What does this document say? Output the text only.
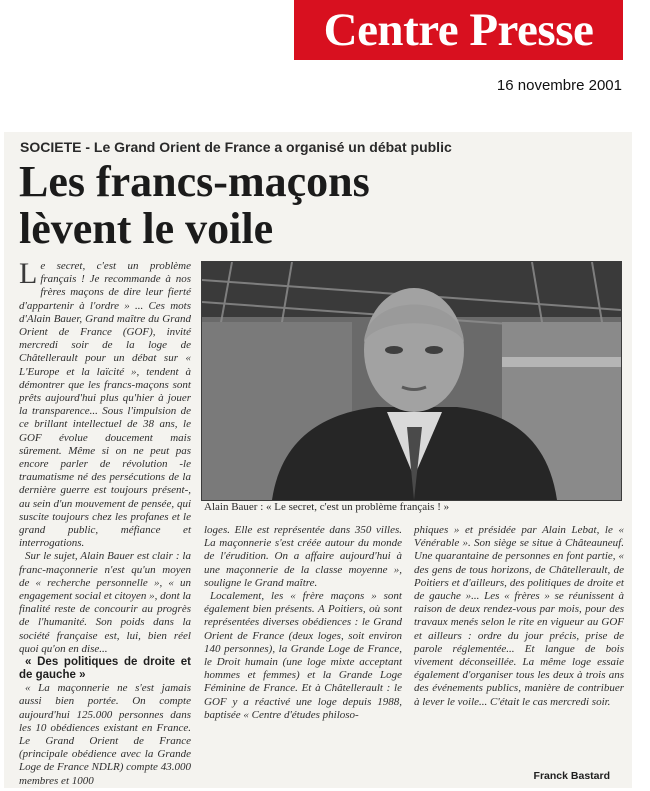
Centre Presse
16 novembre 2001
SOCIETE - Le Grand Orient de France a organisé un débat public
Les francs-maçons
lèvent le voile

Le secret, c'est un problème français ! Je recommande à nos frères maçons de dire leur fierté d'appartenir à l'ordre » ... Ces mots d'Alain Bauer, Grand maître du Grand Orient de France (GOF), invité mercredi soir de la loge de Châtellerault pour un débat sur « L'Europe et la laïcité », tendent à démontrer que les francs-maçons sont prêts aujourd'hui plus qu'hier à jouer la transparence... Sous l'impulsion de ce brillant intellectuel de 38 ans, le GOF évolue doucement mais sûrement. Même si on ne peut pas encore parler de révolution -le traumatisme né des persécutions de la dernière guerre est toujours présent-, au sein d'un mouvement de pensée, qui suscite toujours chez les profanes et le grand public, méfiance et interrogations.

Sur le sujet, Alain Bauer est clair : la franc-maçonnerie n'est qu'un moyen de « recherche personnelle », « un engagement social et citoyen », dont la finalité reste de concourir au progrès de l'humanité. Son poids dans la société française est, lui, bien réel quoi qu'on en dise...

« Des politiques de droite et de gauche »

« La maçonnerie ne s'est jamais aussi bien portée. On compte aujourd'hui 125.000 personnes dans les 10 obédiences existant en France. Le Grand Orient de France (principale obédience avec la Grande Loge de France NDLR) compte 43.000 membres et 1000

Alain Bauer : « Le secret, c'est un problème français ! »

loges. Elle est représentée dans 350 villes. La maçonnerie s'est créée autour du monde de l'érudition. On a affaire aujourd'hui à une maçonnerie de la classe moyenne », souligne le Grand maître.

Localement, les « frère maçons » sont également bien présents. A Poitiers, où sont représentées diverses obédiences : le Grand Orient de France (deux loges, soit environ 140 personnes), la Grande Loge de France, le Droit humain (une loge mixte acceptant hommes et femmes) et la Grande Loge Féminine de France. Et à Châtellerault : le GOF y a réactivé une loge depuis 1988, baptisée « Centre d'études philoso-

phiques » et présidée par Alain Lebat, le « Vénérable ». Son siège se situe à Châteauneuf. Une quarantaine de personnes en font partie, « des gens de tous horizons, de Châtellerault, de Poitiers et d'ailleurs, des politiques de droite et de gauche »... Les « frères » se réunissent à raison de deux rendez-vous par mois, pour des travaux menés selon le rite en vigueur au GOF et ailleurs : ordre du jour précis, prise de parole réglementée... Et langue de bois vivement déconseillée. La même loge essaie également d'organiser tous les deux à trois ans des événements publics, manière de contribuer à lever le voile... C'était le cas mercredi soir.

Franck Bastard
